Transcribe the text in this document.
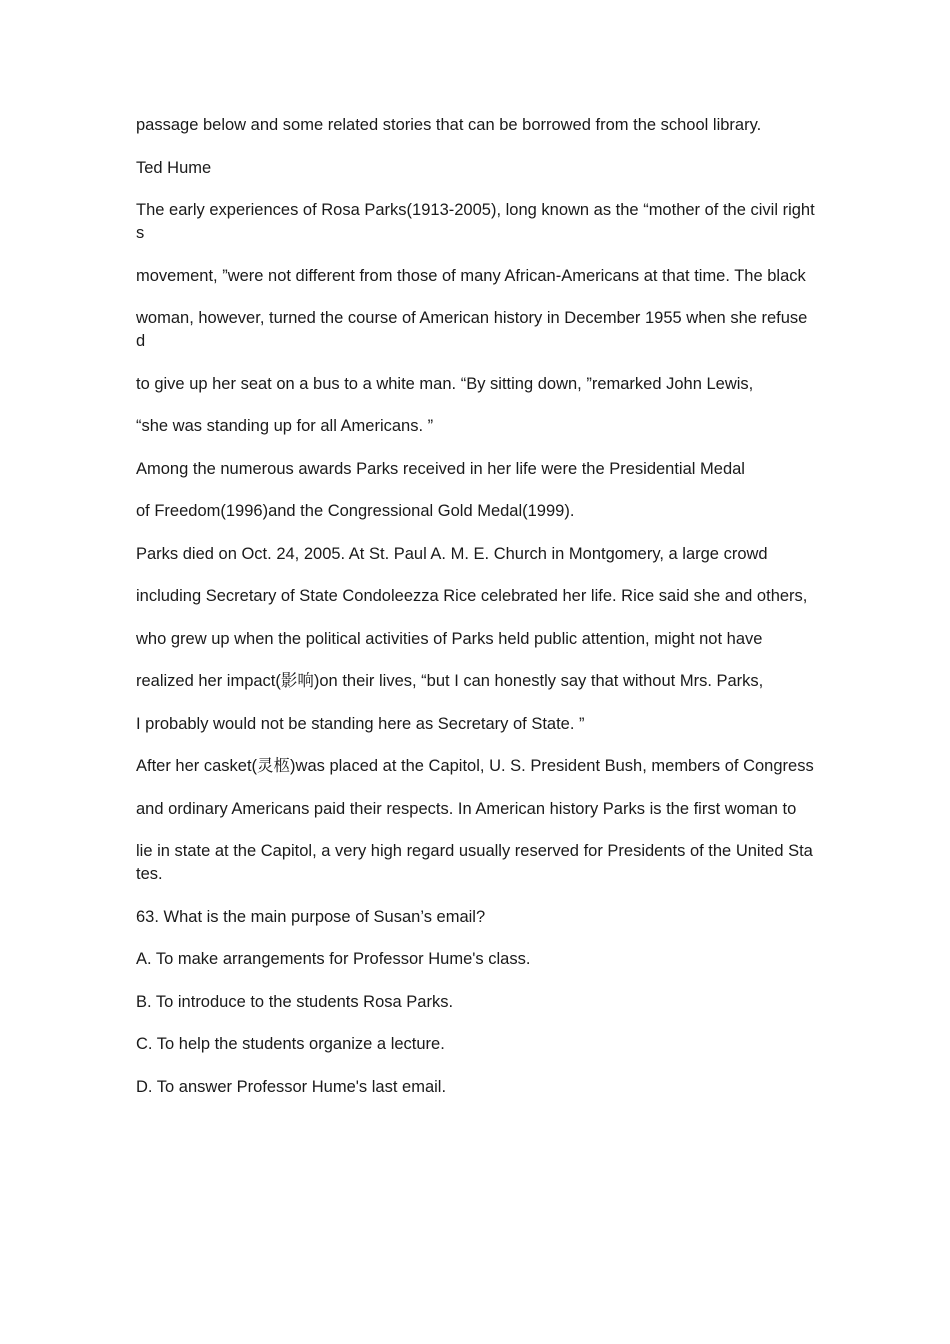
passage below and some related stories that can be borrowed from the school library.

Ted Hume

The early experiences of Rosa Parks(1913-2005), long known as the “mother of the civil rights

movement, ”were not different from those of many African-Americans at that time. The black

woman, however, turned the course of American history in December 1955 when she refused

to give up her seat on a bus to a white man. “By sitting down, ”remarked John Lewis,

“she was standing up for all Americans. ”

Among the numerous awards Parks received in her life were the Presidential Medal

of Freedom(1996)and the Congressional Gold Medal(1999).

Parks died on Oct. 24, 2005. At St. Paul A. M. E. Church in Montgomery, a large crowd

including Secretary of State Condoleezza Rice celebrated her life. Rice said she and others,

who grew up when the political activities of Parks held public attention, might not have

realized her impact(影响)on their lives, “but I can honestly say that without Mrs. Parks,

I probably would not be standing here as Secretary of State. ”

After her casket(灵柩)was placed at the Capitol, U. S. President Bush, members of Congress

and ordinary Americans paid their respects. In American history Parks is the first woman to

lie in state at the Capitol, a very high regard usually reserved for Presidents of the United States.

63. What is the main purpose of Susan’s email?

A. To make arrangements for Professor Hume's class.

B. To introduce to the students Rosa Parks.

C. To help the students organize a lecture.

D. To answer Professor Hume's last email.
